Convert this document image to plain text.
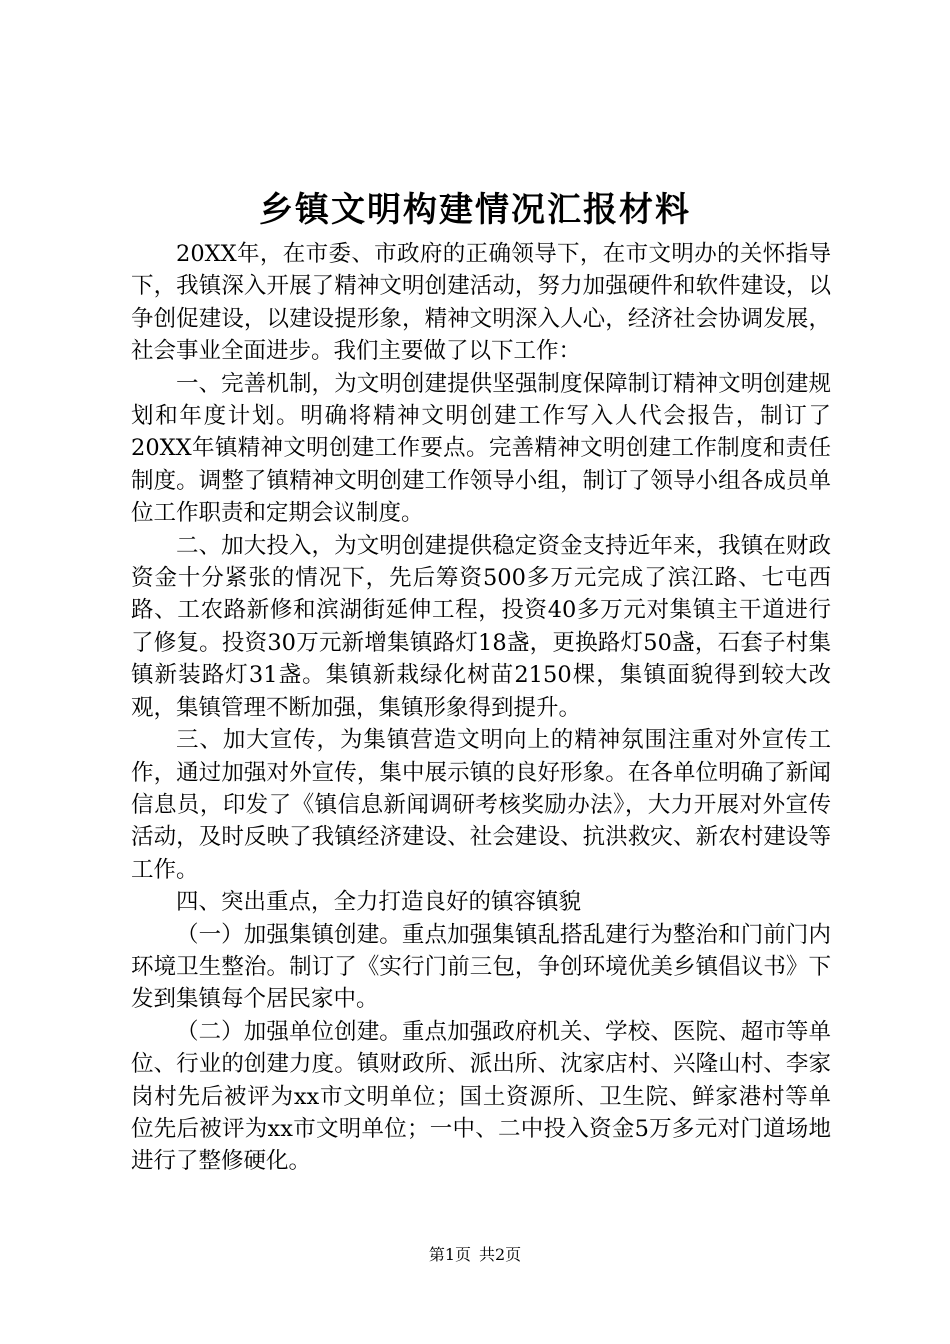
乡镇文明构建情况汇报材料

20XX年，在市委、市政府的正确领导下，在市文明办的关怀指导下，我镇深入开展了精神文明创建活动，努力加强硬件和软件建设，以争创促建设，以建设提形象，精神文明深入人心，经济社会协调发展，社会事业全面进步。我们主要做了以下工作：

一、完善机制，为文明创建提供坚强制度保障制订精神文明创建规划和年度计划。明确将精神文明创建工作写入人代会报告，制订了20XX年镇精神文明创建工作要点。完善精神文明创建工作制度和责任制度。调整了镇精神文明创建工作领导小组，制订了领导小组各成员单位工作职责和定期会议制度。

二、加大投入，为文明创建提供稳定资金支持近年来，我镇在财政资金十分紧张的情况下，先后筹资500多万元完成了滨江路、七屯西路、工农路新修和滨湖街延伸工程，投资40多万元对集镇主干道进行了修复。投资30万元新增集镇路灯18盏，更换路灯50盏，石套子村集镇新装路灯31盏。集镇新栽绿化树苗2150棵，集镇面貌得到较大改观，集镇管理不断加强，集镇形象得到提升。

三、加大宣传，为集镇营造文明向上的精神氛围注重对外宣传工作，通过加强对外宣传，集中展示镇的良好形象。在各单位明确了新闻信息员，印发了《镇信息新闻调研考核奖励办法》，大力开展对外宣传活动，及时反映了我镇经济建设、社会建设、抗洪救灾、新农村建设等工作。

四、突出重点，全力打造良好的镇容镇貌

（一）加强集镇创建。重点加强集镇乱搭乱建行为整治和门前门内环境卫生整治。制订了《实行门前三包，争创环境优美乡镇倡议书》下发到集镇每个居民家中。

（二）加强单位创建。重点加强政府机关、学校、医院、超市等单位、行业的创建力度。镇财政所、派出所、沈家店村、兴隆山村、李家岗村先后被评为xx市文明单位；国土资源所、卫生院、鲜家港村等单位先后被评为xx市文明单位；一中、二中投入资金5万多元对门道场地进行了整修硬化。

第1页 共2页
